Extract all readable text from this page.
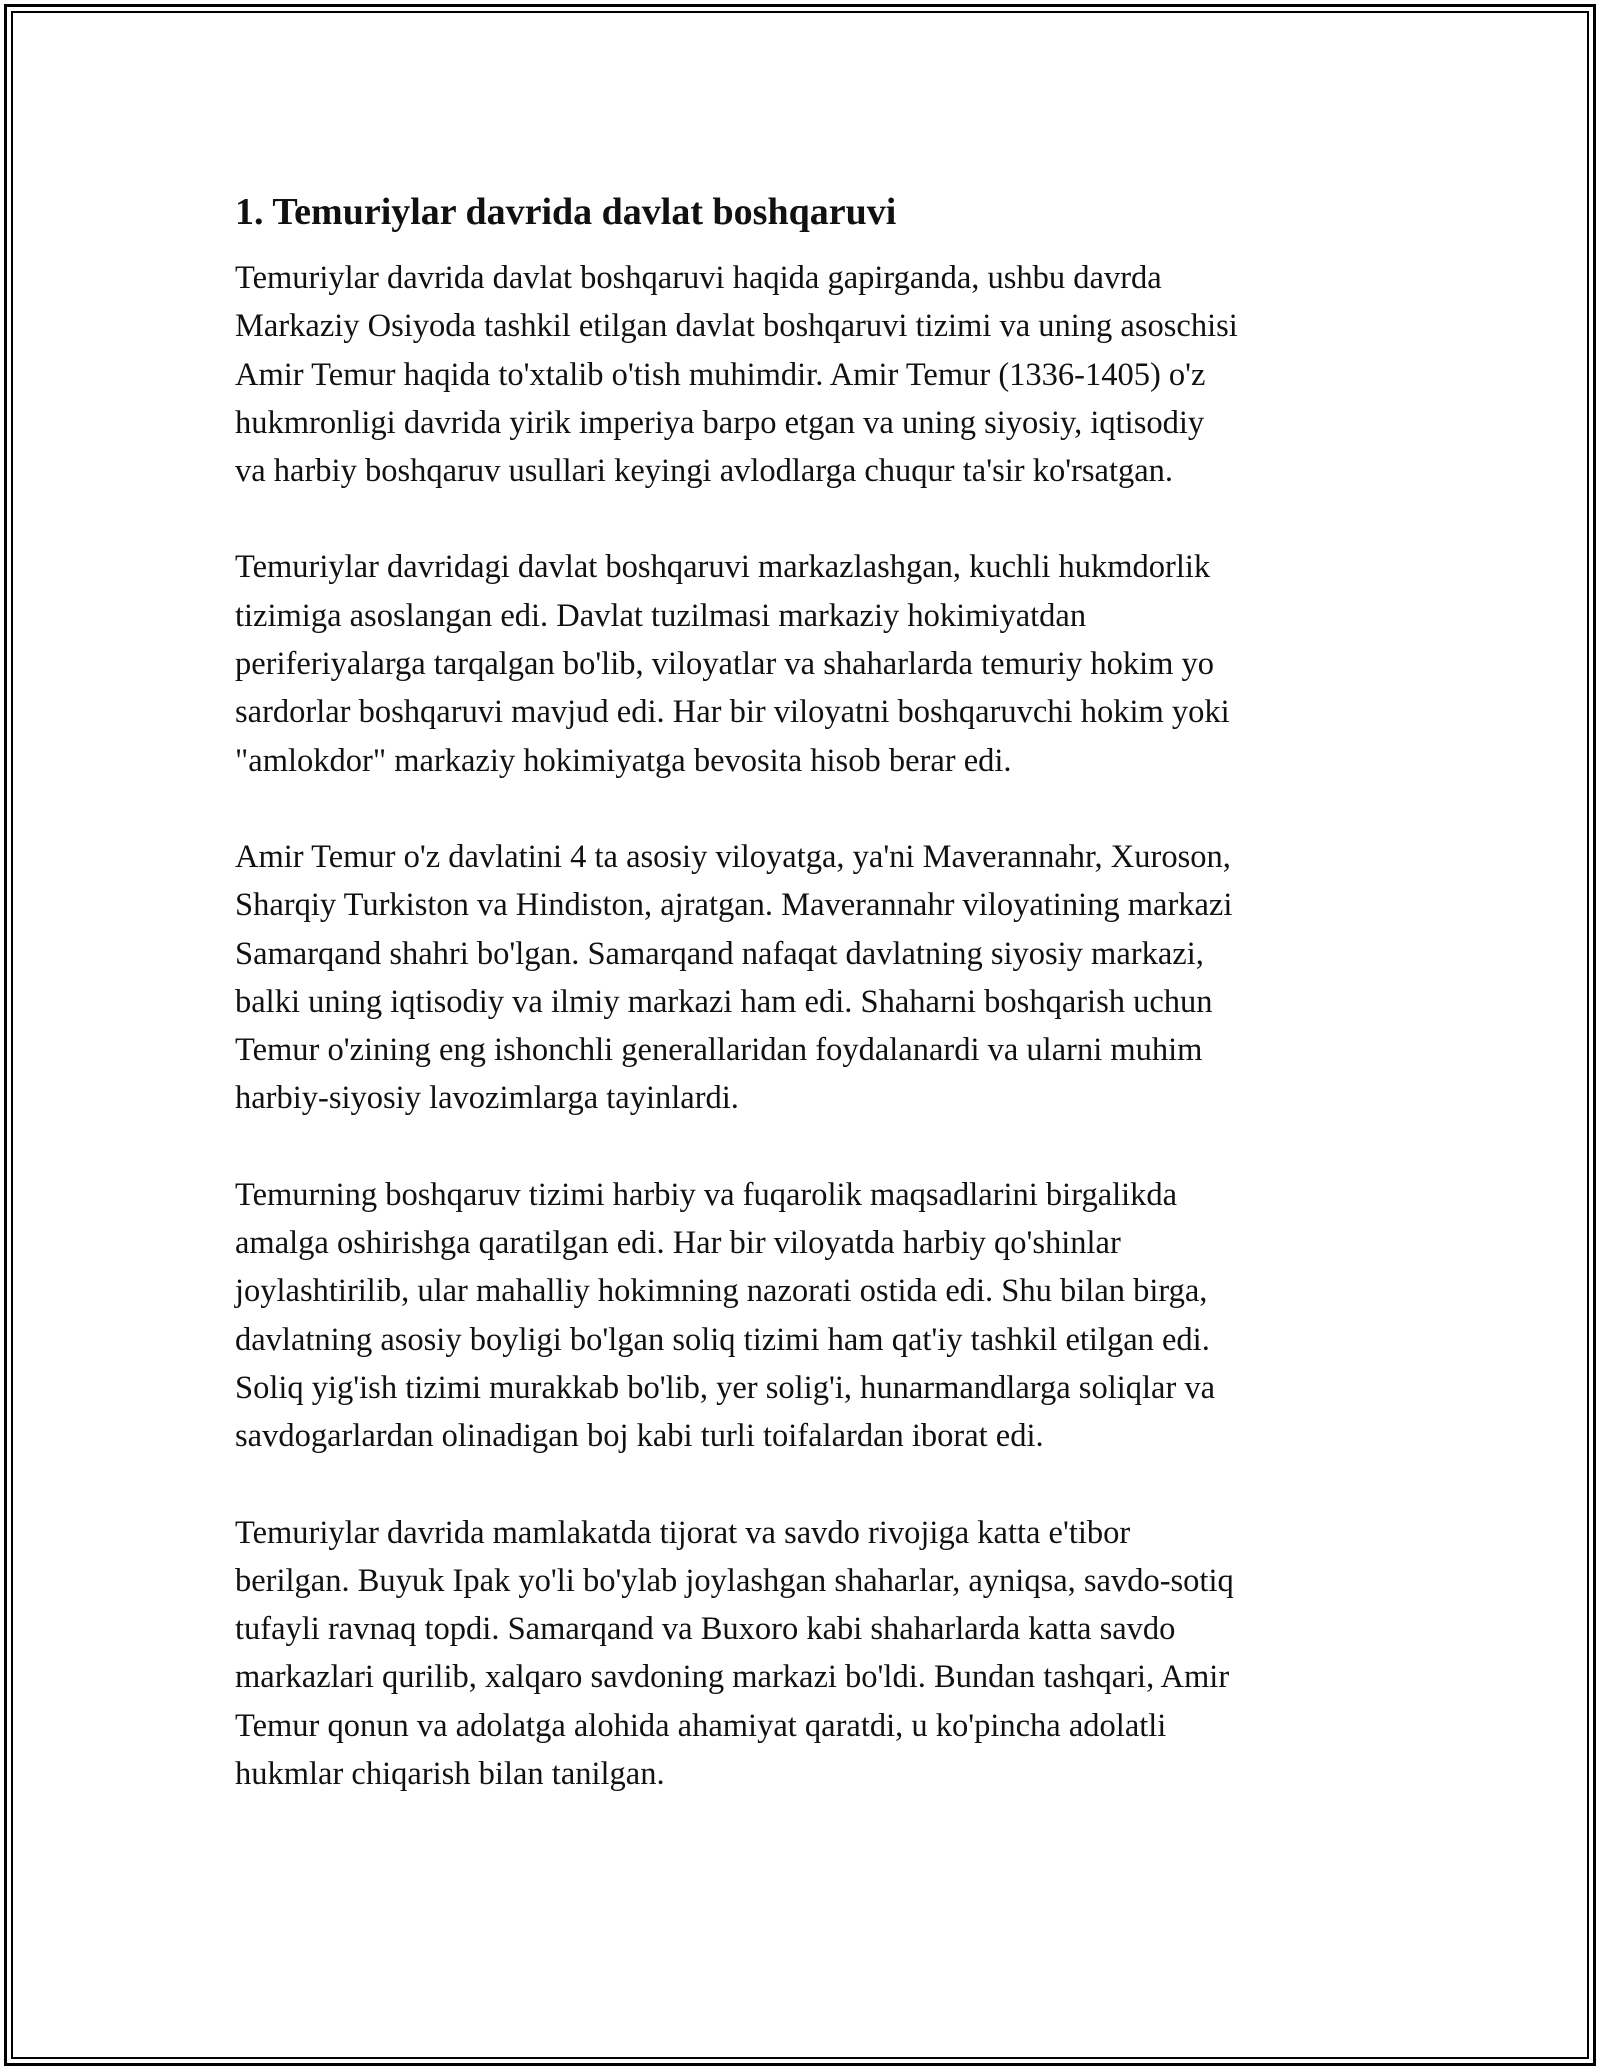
1. Temuriylar davrida davlat boshqaruvi

Temuriylar davrida davlat boshqaruvi haqida gapirganda, ushbu davrda
Markaziy Osiyoda tashkil etilgan davlat boshqaruvi tizimi va uning asoschisi
Amir Temur haqida to'xtalib o'tish muhimdir. Amir Temur (1336-1405) o'z
hukmronligi davrida yirik imperiya barpo etgan va uning siyosiy, iqtisodiy
va harbiy boshqaruv usullari keyingi avlodlarga chuqur ta'sir ko'rsatgan.

Temuriylar davridagi davlat boshqaruvi markazlashgan, kuchli hukmdorlik
tizimiga asoslangan edi. Davlat tuzilmasi markaziy hokimiyatdan
periferiyalarga tarqalgan bo'lib, viloyatlar va shaharlarda temuriy hokim yo
sardorlar boshqaruvi mavjud edi. Har bir viloyatni boshqaruvchi hokim yoki
"amlokdor" markaziy hokimiyatga bevosita hisob berar edi.

Amir Temur o'z davlatini 4 ta asosiy viloyatga, ya'ni Maverannahr, Xuroson,
Sharqiy Turkiston va Hindiston, ajratgan. Maverannahr viloyatining markazi
Samarqand shahri bo'lgan. Samarqand nafaqat davlatning siyosiy markazi,
balki uning iqtisodiy va ilmiy markazi ham edi. Shaharni boshqarish uchun
Temur o'zining eng ishonchli generallaridan foydalanardi va ularni muhim
harbiy-siyosiy lavozimlarga tayinlardi.

Temurning boshqaruv tizimi harbiy va fuqarolik maqsadlarini birgalikda
amalga oshirishga qaratilgan edi. Har bir viloyatda harbiy qo'shinlar
joylashtirilib, ular mahalliy hokimning nazorati ostida edi. Shu bilan birga,
davlatning asosiy boyligi bo'lgan soliq tizimi ham qat'iy tashkil etilgan edi.
Soliq yig'ish tizimi murakkab bo'lib, yer solig'i, hunarmandlarga soliqlar va
savdogarlardan olinadigan boj kabi turli toifalardan iborat edi.

Temuriylar davrida mamlakatda tijorat va savdo rivojiga katta e'tibor
berilgan. Buyuk Ipak yo'li bo'ylab joylashgan shaharlar, ayniqsa, savdo-sotiq
tufayli ravnaq topdi. Samarqand va Buxoro kabi shaharlarda katta savdo
markazlari qurilib, xalqaro savdoning markazi bo'ldi. Bundan tashqari, Amir
Temur qonun va adolatga alohida ahamiyat qaratdi, u ko'pincha adolatli
hukmlar chiqarish bilan tanilgan.
